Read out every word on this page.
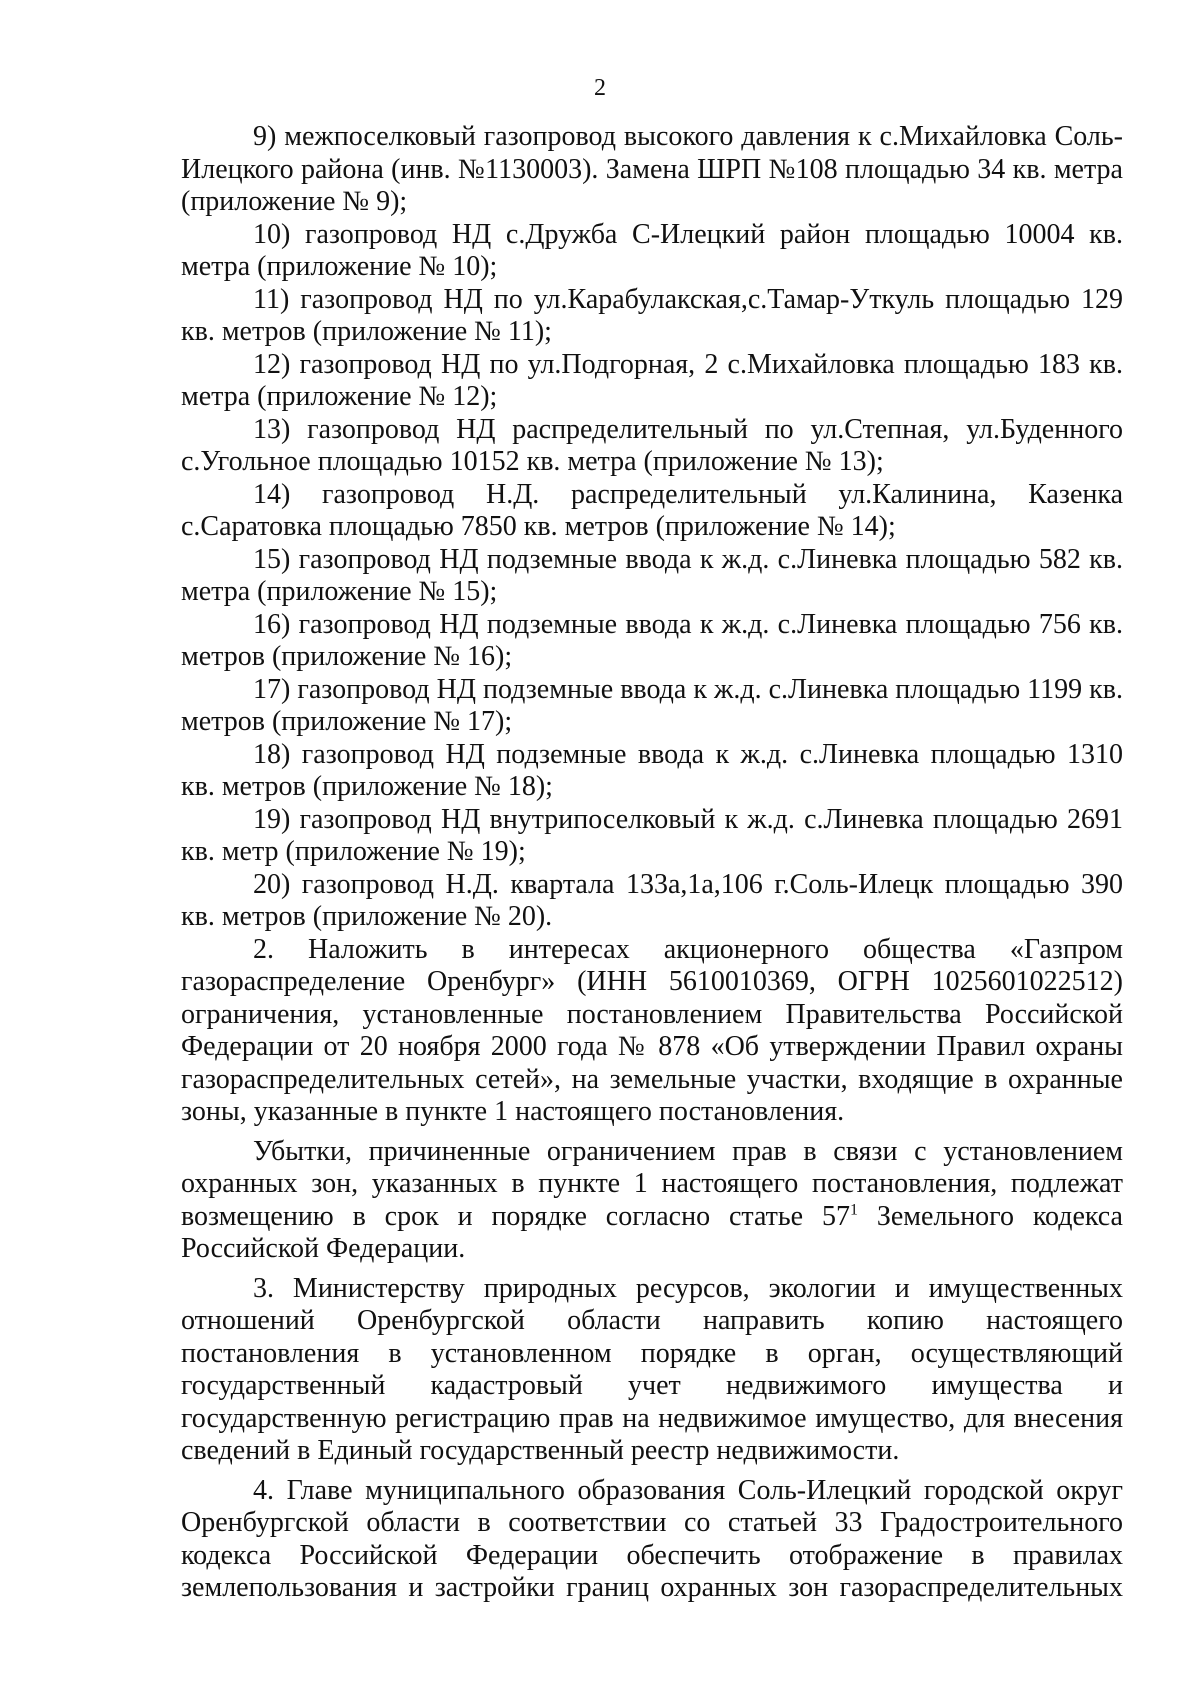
2

9) межпоселковый газопровод высокого давления к с.Михайловка Соль-Илецкого района (инв. №1130003). Замена ШРП №108 площадью 34 кв. метра (приложение № 9);

10) газопровод НД с.Дружба С-Илецкий район площадью 10004 кв. метра (приложение № 10);

11) газопровод НД по ул.Карабулакская,с.Тамар-Уткуль площадью 129 кв. метров (приложение № 11);

12) газопровод НД по ул.Подгорная, 2 с.Михайловка площадью 183 кв. метра (приложение № 12);

13) газопровод НД распределительный по ул.Степная, ул.Буденного с.Угольное площадью 10152 кв. метра (приложение № 13);

14) газопровод Н.Д. распределительный ул.Калинина, Казенка с.Саратовка площадью 7850 кв. метров (приложение № 14);

15) газопровод НД подземные ввода к ж.д. с.Линевка площадью 582 кв. метра (приложение № 15);

16) газопровод НД подземные ввода к ж.д. с.Линевка площадью 756 кв. метров (приложение № 16);

17) газопровод НД подземные ввода к ж.д. с.Линевка площадью 1199 кв. метров (приложение № 17);

18) газопровод НД подземные ввода к ж.д. с.Линевка площадью 1310 кв. метров (приложение № 18);

19) газопровод НД внутрипоселковый к ж.д. с.Линевка площадью 2691 кв. метр (приложение № 19);

20) газопровод Н.Д. квартала 133а,1а,106 г.Соль-Илецк площадью 390 кв. метров (приложение № 20).

2. Наложить в интересах акционерного общества «Газпром газораспределение Оренбург» (ИНН 5610010369, ОГРН 1025601022512) ограничения, установленные постановлением Правительства Российской Федерации от 20 ноября 2000 года № 878 «Об утверждении Правил охраны газораспределительных сетей», на земельные участки, входящие в охранные зоны, указанные в пункте 1 настоящего постановления.

Убытки, причиненные ограничением прав в связи с установлением охранных зон, указанных в пункте 1 настоящего постановления, подлежат возмещению в срок и порядке согласно статье $57^1$ Земельного кодекса Российской Федерации.

3. Министерству природных ресурсов, экологии и имущественных отношений Оренбургской области направить копию настоящего постановления в установленном порядке в орган, осуществляющий государственный кадастровый учет недвижимого имущества и государственную регистрацию прав на недвижимое имущество, для внесения сведений в Единый государственный реестр недвижимости.

4. Главе муниципального образования Соль-Илецкий городской округ Оренбургской области в соответствии со статьей 33 Градостроительного кодекса Российской Федерации обеспечить отображение в правилах землепользования и застройки границ охранных зон газораспределительных
